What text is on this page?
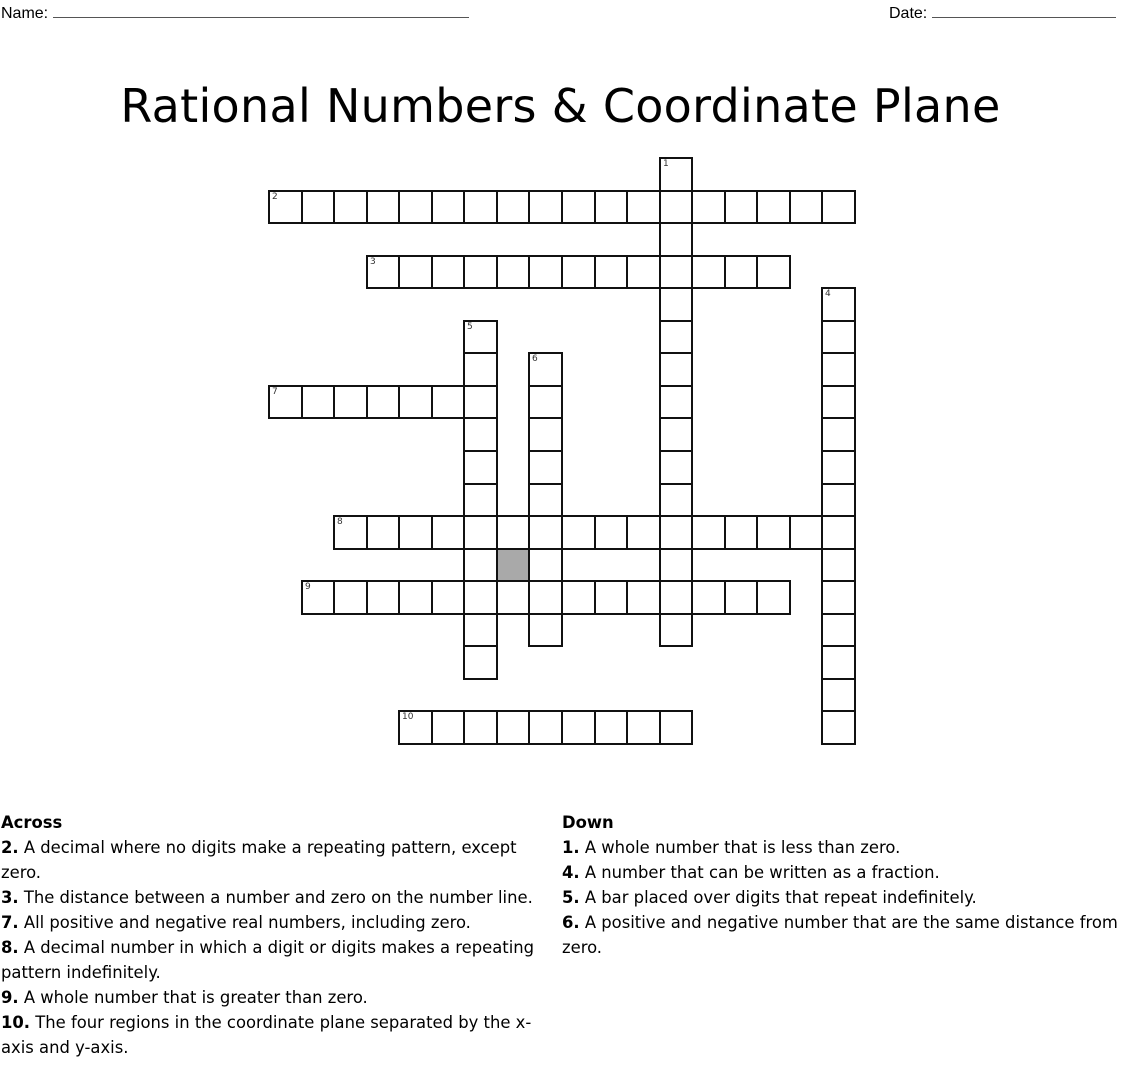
Name:	Date:
Rational Numbers & Coordinate Plane
1
2
3
4
5
6
7
8
9
10
Across
2. A decimal where no digits make a repeating pattern, except zero.
3. The distance between a number and zero on the number line.
7. All positive and negative real numbers, including zero.
8. A decimal number in which a digit or digits makes a repeating pattern indefinitely.
9. A whole number that is greater than zero.
10. The four regions in the coordinate plane separated by the x-axis and y-axis.
Down
1. A whole number that is less than zero.
4. A number that can be written as a fraction.
5. A bar placed over digits that repeat indefinitely.
6. A positive and negative number that are the same distance from zero.
